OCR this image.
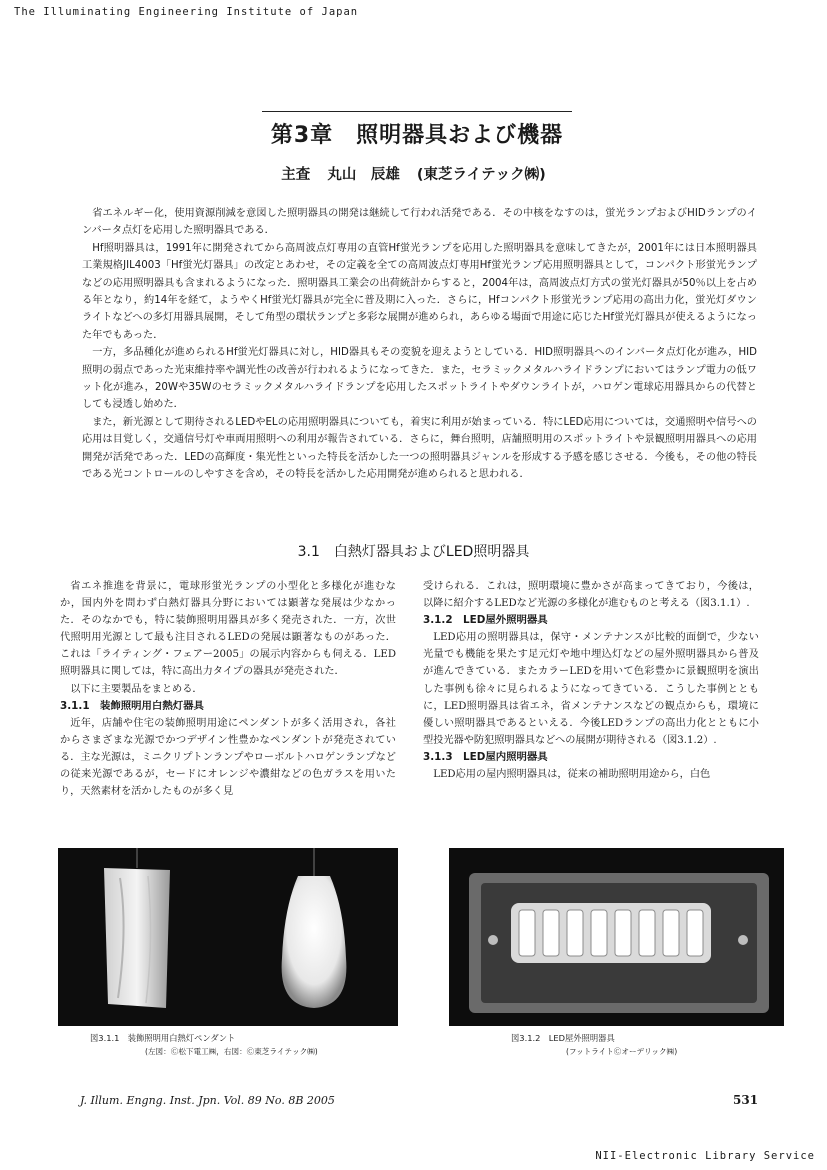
The Illuminating Engineering Institute of Japan
第3章　照明器具および機器
主査 丸山　辰雄 (東芝ライテック㈱)

省エネルギー化，使用資源削減を意図した照明器具の開発は継続して行われ活発である．その中核をなすのは，蛍光ランプおよびHIDランプのインバータ点灯を応用した照明器具である．

Hf照明器具は，1991年に開発されてから高周波点灯専用の直管Hf蛍光ランプを応用した照明器具を意味してきたが，2001年には日本照明器具工業規格JIL4003「Hf蛍光灯器具」の改定とあわせ，その定義を全ての高周波点灯専用Hf蛍光ランプ応用照明器具として，コンパクト形蛍光ランプなどの応用照明器具も含まれるようになった．照明器具工業会の出荷統計からすると，2004年は，高周波点灯方式の蛍光灯器具が50％以上を占める年となり，約14年を経て，ようやくHf蛍光灯器具が完全に普及期に入った．さらに，Hfコンパクト形蛍光ランプ応用の高出力化，蛍光灯ダウンライトなどへの多灯用器具展開，そして角型の環状ランプと多彩な展開が進められ，あらゆる場面で用途に応じたHf蛍光灯器具が使えるようになった年でもあった．

一方，多品種化が進められるHf蛍光灯器具に対し，HID器具もその変貌を迎えようとしている．HID照明器具へのインバータ点灯化が進み，HID照明の弱点であった光束維持率や調光性の改善が行われるようになってきた．また，セラミックメタルハライドランプにおいてはランプ電力の低ワット化が進み，20Wや35Wのセラミックメタルハライドランプを応用したスポットライトやダウンライトが，ハロゲン電球応用器具からの代替としても浸透し始めた．

また，新光源として期待されるLEDやELの応用照明器具についても，着実に利用が始まっている．特にLED応用については，交通照明や信号への応用は目覚しく，交通信号灯や車両用照明への利用が報告されている．さらに，舞台照明，店舗照明用のスポットライトや景観照明用器具への応用開発が活発であった．LEDの高輝度・集光性といった特長を活かした一つの照明器具ジャンルを形成する予感を感じさせる．今後も，その他の特長である光コントロールのしやすさを含め，その特長を活かした応用開発が進められると思われる．

3.1　白熱灯器具およびLED照明器具

省エネ推進を背景に，電球形蛍光ランプの小型化と多様化が進むなか，国内外を問わず白熱灯器具分野においては顕著な発展は少なかった．そのなかでも，特に装飾照明用器具が多く発売された．一方，次世代照明用光源として最も注目されるLEDの発展は顕著なものがあった．これは「ライティング・フェアー2005」の展示内容からも伺える．LED照明器具に関しては，特に高出力タイプの器具が発売された．

以下に主要製品をまとめる．

3.1.1　装飾照明用白熱灯器具

近年，店舗や住宅の装飾照明用途にペンダントが多く活用され，各社からさまざまな光源でかつデザイン性豊かなペンダントが発売されている．主な光源は，ミニクリプトンランプやローボルトハロゲンランプなどの従来光源であるが，セードにオレンジや濃紺などの色ガラスを用いたり，天然素材を活かしたものが多く見

受けられる．これは，照明環境に豊かさが高まってきており，今後は，以降に紹介するLEDなど光源の多様化が進むものと考える（図3.1.1）.

3.1.2　LED屋外照明器具

LED応用の照明器具は，保守・メンテナンスが比較的面倒で，少ない光量でも機能を果たす足元灯や地中埋込灯などの屋外照明器具から普及が進んできている．またカラーLEDを用いて色彩豊かに景観照明を演出した事例も徐々に見られるようになってきている．こうした事例とともに，LED照明器具は省エネ，省メンテナンスなどの観点からも，環境に優しい照明器具であるといえる．今後LEDランプの高出力化とともに小型投光器や防犯照明器具などへの展開が期待される（図3.1.2）.

3.1.3　LED屋内照明器具

LED応用の屋内照明器具は，従来の補助照明用途から，白色

図3.1.1　装飾照明用白熱灯ペンダント
(左図：Ⓒ松下電工㈱，右図：Ⓒ東芝ライテック㈱)
図3.1.2　LED屋外照明器具
(フットライトⒸオーデリック㈱)
J. Illum. Engng. Inst. Jpn. Vol. 89 No. 8B 2005	531
NII-Electronic Library Service
